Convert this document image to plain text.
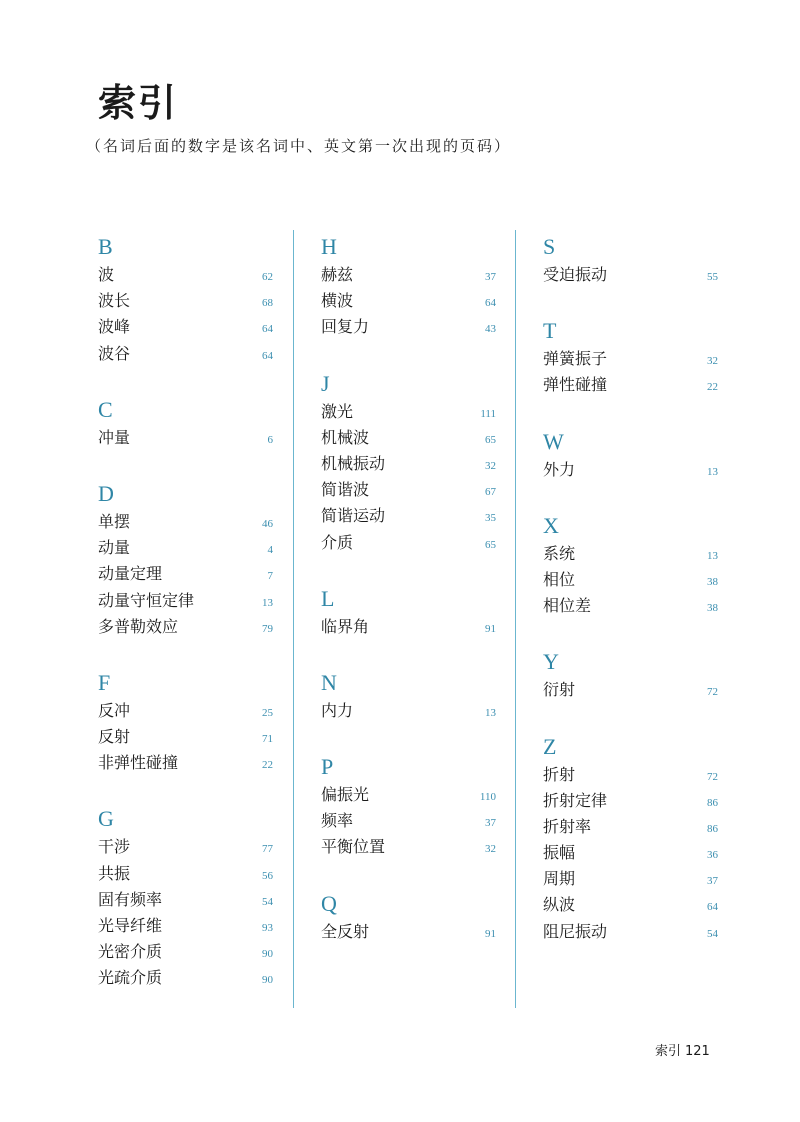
索引
（名词后面的数字是该名词中、英文第一次出现的页码）
B
波	62
波长	68
波峰	64
波谷	64
C
冲量	6
D
单摆	46
动量	4
动量定理	7
动量守恒定律	13
多普勒效应	79
F
反冲	25
反射	71
非弹性碰撞	22
G
干涉	77
共振	56
固有频率	54
光导纤维	93
光密介质	90
光疏介质	90
H
赫兹	37
横波	64
回复力	43
J
激光	111
机械波	65
机械振动	32
简谐波	67
简谐运动	35
介质	65
L
临界角	91
N
内力	13
P
偏振光	110
频率	37
平衡位置	32
Q
全反射	91
S
受迫振动	55
T
弹簧振子	32
弹性碰撞	22
W
外力	13
X
系统	13
相位	38
相位差	38
Y
衍射	72
Z
折射	72
折射定律	86
折射率	86
振幅	36
周期	37
纵波	64
阻尼振动	54
索引 121
